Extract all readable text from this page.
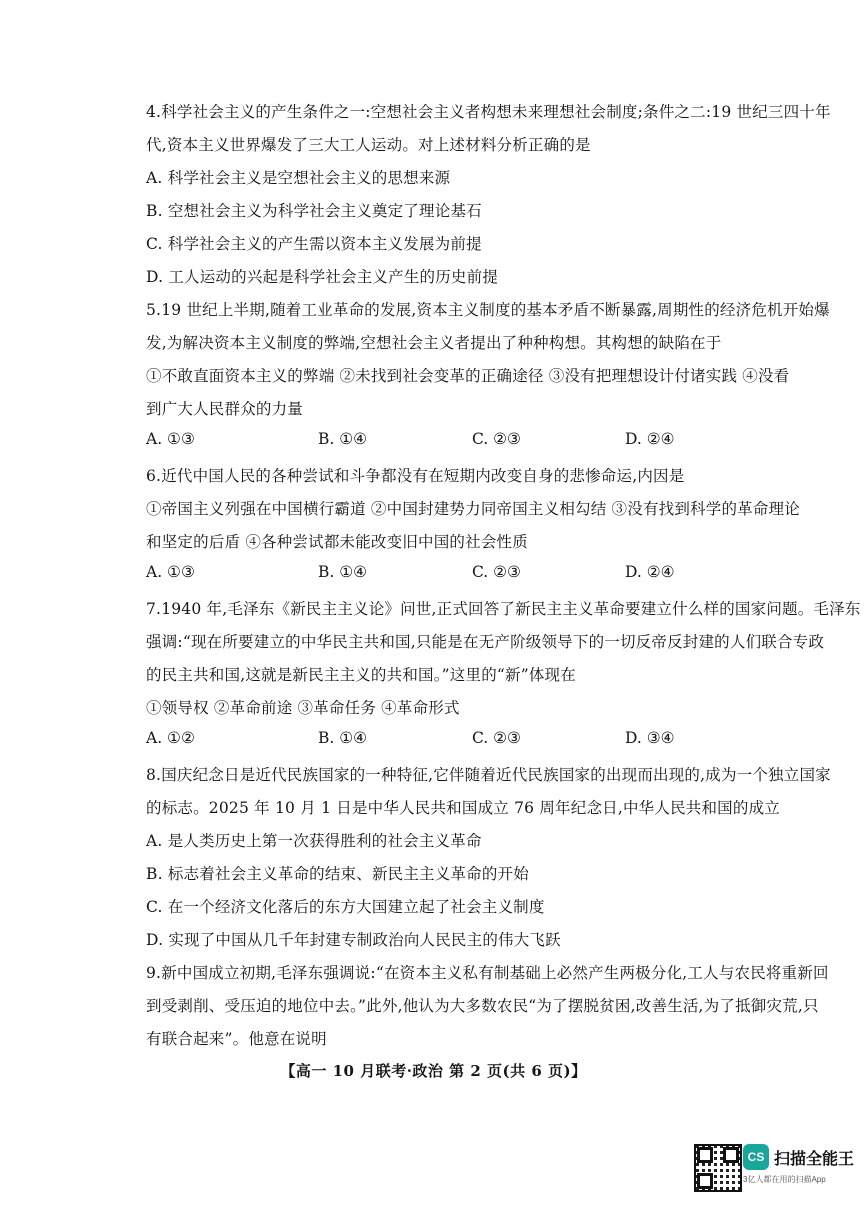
4.科学社会主义的产生条件之一:空想社会主义者构想未来理想社会制度;条件之二:19 世纪三四十年
代,资本主义世界爆发了三大工人运动。对上述材料分析正确的是
A. 科学社会主义是空想社会主义的思想来源
B. 空想社会主义为科学社会主义奠定了理论基石
C. 科学社会主义的产生需以资本主义发展为前提
D. 工人运动的兴起是科学社会主义产生的历史前提
5.19 世纪上半期,随着工业革命的发展,资本主义制度的基本矛盾不断暴露,周期性的经济危机开始爆
发,为解决资本主义制度的弊端,空想社会主义者提出了种种构想。其构想的缺陷在于
①不敢直面资本主义的弊端 ②未找到社会变革的正确途径 ③没有把理想设计付诸实践 ④没看
到广大人民群众的力量
A. ①③	B. ①④	C. ②③	D. ②④
6.近代中国人民的各种尝试和斗争都没有在短期内改变自身的悲惨命运,内因是
①帝国主义列强在中国横行霸道 ②中国封建势力同帝国主义相勾结 ③没有找到科学的革命理论
和坚定的后盾 ④各种尝试都未能改变旧中国的社会性质
A. ①③	B. ①④	C. ②③	D. ②④
7.1940 年,毛泽东《新民主主义论》问世,正式回答了新民主主义革命要建立什么样的国家问题。毛泽东
强调:“现在所要建立的中华民主共和国,只能是在无产阶级领导下的一切反帝反封建的人们联合专政
的民主共和国,这就是新民主主义的共和国。”这里的“新”体现在
①领导权 ②革命前途 ③革命任务 ④革命形式
A. ①②	B. ①④	C. ②③	D. ③④
8.国庆纪念日是近代民族国家的一种特征,它伴随着近代民族国家的出现而出现的,成为一个独立国家
的标志。2025 年 10 月 1 日是中华人民共和国成立 76 周年纪念日,中华人民共和国的成立
A. 是人类历史上第一次获得胜利的社会主义革命
B. 标志着社会主义革命的结束、新民主主义革命的开始
C. 在一个经济文化落后的东方大国建立起了社会主义制度
D. 实现了中国从几千年封建专制政治向人民民主的伟大飞跃
9.新中国成立初期,毛泽东强调说:“在资本主义私有制基础上必然产生两极分化,工人与农民将重新回
到受剥削、受压迫的地位中去。”此外,他认为大多数农民“为了摆脱贫困,改善生活,为了抵御灾荒,只
有联合起来”。他意在说明
【高一 10 月联考·政治 第 2 页(共 6 页)】
CS 扫描全能王
3亿人都在用的扫描App
